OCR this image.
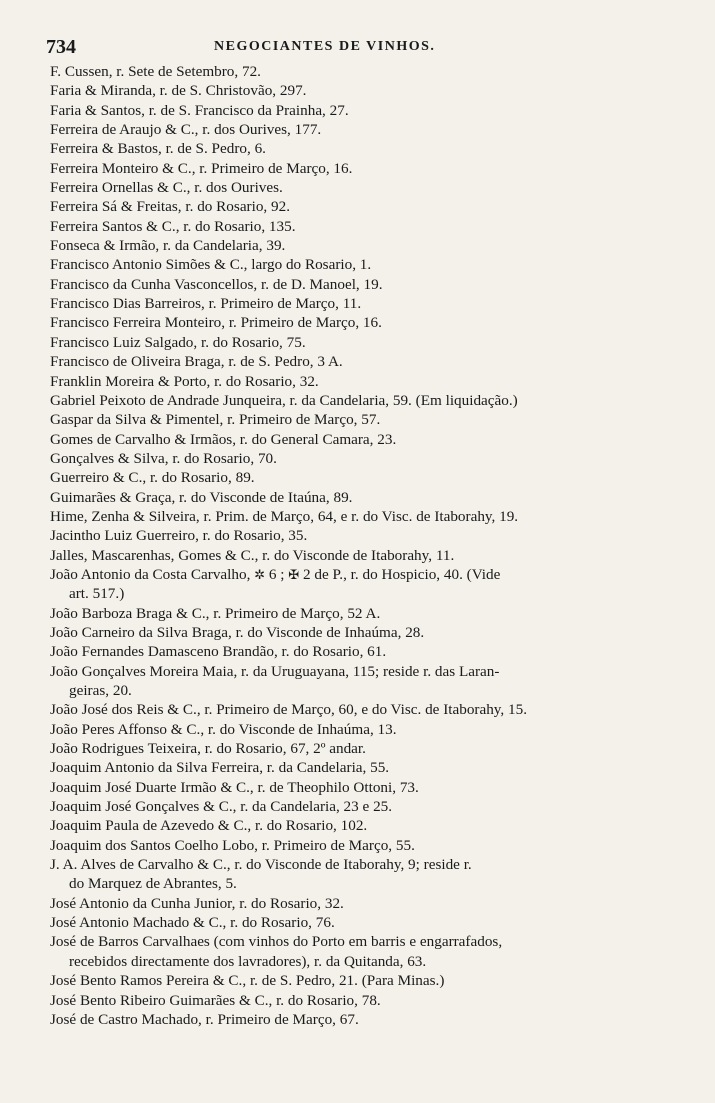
734	NEGOCIANTES DE VINHOS.
F. Cussen, r. Sete de Setembro, 72.
Faria & Miranda, r. de S. Christovão, 297.
Faria & Santos, r. de S. Francisco da Prainha, 27.
Ferreira de Araujo & C., r. dos Ourives, 177.
Ferreira & Bastos, r. de S. Pedro, 6.
Ferreira Monteiro & C., r. Primeiro de Março, 16.
Ferreira Ornellas & C., r. dos Ourives.
Ferreira Sá & Freitas, r. do Rosario, 92.
Ferreira Santos & C., r. do Rosario, 135.
Fonseca & Irmão, r. da Candelaria, 39.
Francisco Antonio Simões & C., largo do Rosario, 1.
Francisco da Cunha Vasconcellos, r. de D. Manoel, 19.
Francisco Dias Barreiros, r. Primeiro de Março, 11.
Francisco Ferreira Monteiro, r. Primeiro de Março, 16.
Francisco Luiz Salgado, r. do Rosario, 75.
Francisco de Oliveira Braga, r. de S. Pedro, 3 A.
Franklin Moreira & Porto, r. do Rosario, 32.
Gabriel Peixoto de Andrade Junqueira, r. da Candelaria, 59. (Em liquidação.)
Gaspar da Silva & Pimentel, r. Primeiro de Março, 57.
Gomes de Carvalho & Irmãos, r. do General Camara, 23.
Gonçalves & Silva, r. do Rosario, 70.
Guerreiro & C., r. do Rosario, 89.
Guimarães & Graça, r. do Visconde de Itaúna, 89.
Hime, Zenha & Silveira, r. Prim. de Março, 64, e r. do Visc. de Itaborahy, 19.
Jacintho Luiz Guerreiro, r. do Rosario, 35.
Jalles, Mascarenhas, Gomes & C., r. do Visconde de Itaborahy, 11.
João Antonio da Costa Carvalho, ✲ 6 ; ✠ 2 de P., r. do Hospicio, 40. (Vide
art. 517.)
João Barboza Braga & C., r. Primeiro de Março, 52 A.
João Carneiro da Silva Braga, r. do Visconde de Inhaúma, 28.
João Fernandes Damasceno Brandão, r. do Rosario, 61.
João Gonçalves Moreira Maia, r. da Uruguayana, 115; reside r. das Laran-
geiras, 20.
João José dos Reis & C., r. Primeiro de Março, 60, e do Visc. de Itaborahy, 15.
João Peres Affonso & C., r. do Visconde de Inhaúma, 13.
João Rodrigues Teixeira, r. do Rosario, 67, 2º andar.
Joaquim Antonio da Silva Ferreira, r. da Candelaria, 55.
Joaquim José Duarte Irmão & C., r. de Theophilo Ottoni, 73.
Joaquim José Gonçalves & C., r. da Candelaria, 23 e 25.
Joaquim Paula de Azevedo & C., r. do Rosario, 102.
Joaquim dos Santos Coelho Lobo, r. Primeiro de Março, 55.
J. A. Alves de Carvalho & C., r. do Visconde de Itaborahy, 9; reside r.
do Marquez de Abrantes, 5.
José Antonio da Cunha Junior, r. do Rosario, 32.
José Antonio Machado & C., r. do Rosario, 76.
José de Barros Carvalhaes (com vinhos do Porto em barris e engarrafados,
recebidos directamente dos lavradores), r. da Quitanda, 63.
José Bento Ramos Pereira & C., r. de S. Pedro, 21. (Para Minas.)
José Bento Ribeiro Guimarães & C., r. do Rosario, 78.
José de Castro Machado, r. Primeiro de Março, 67.
